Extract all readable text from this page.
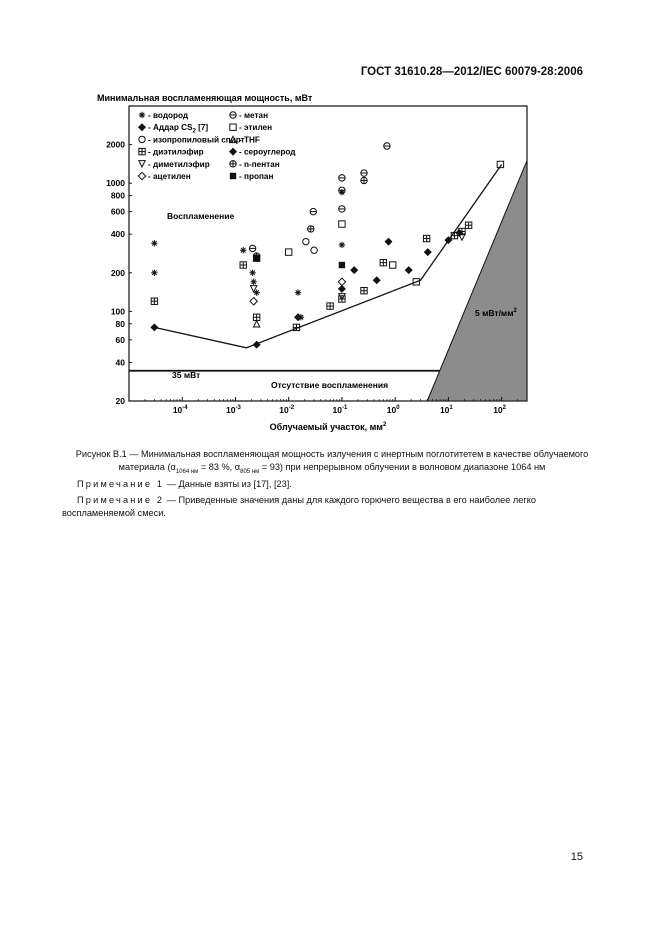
ГОСТ 31610.28—2012/IEC 60079-28:2006
Минимальная воспламеняющая мощность, мВт
- водород
- Аддар $CS_2$ [7]
- изопропиловый спирт
- диэтилэфир
- диметилэфир
- ацетилен
- метан
- этилен
- THF
- сероуглерод
- n-пентан
- пропан
2000
1000
800
600
400
200
100
80
60
40
20
$10^{-4}$	$10^{-3}$	$10^{-2}$	$10^{-1}$	$10^0$	$10^1$	$10^2$
Воспламенение
35 мВт
Отсутствие воспламенения
5 мВт/$мм^2$
Облучаемый участок, $мм^2$
Рисунок В.1 — Минимальная воспламеняющая мощность излучения с инертным поглотитетем в качестве облучаемого материала ($\alpha_{1064 нм} = 83$ %, $\alpha_{805 нм} = 93$) при непрерывном облучении в волновом диапазоне 1064 нм
Примечание 1 — Данные взяты из [17], [23].
Примечание 2 — Приведенные значения даны для каждого горючего вещества в его наиболее легко воспламеняемой смеси.
15
